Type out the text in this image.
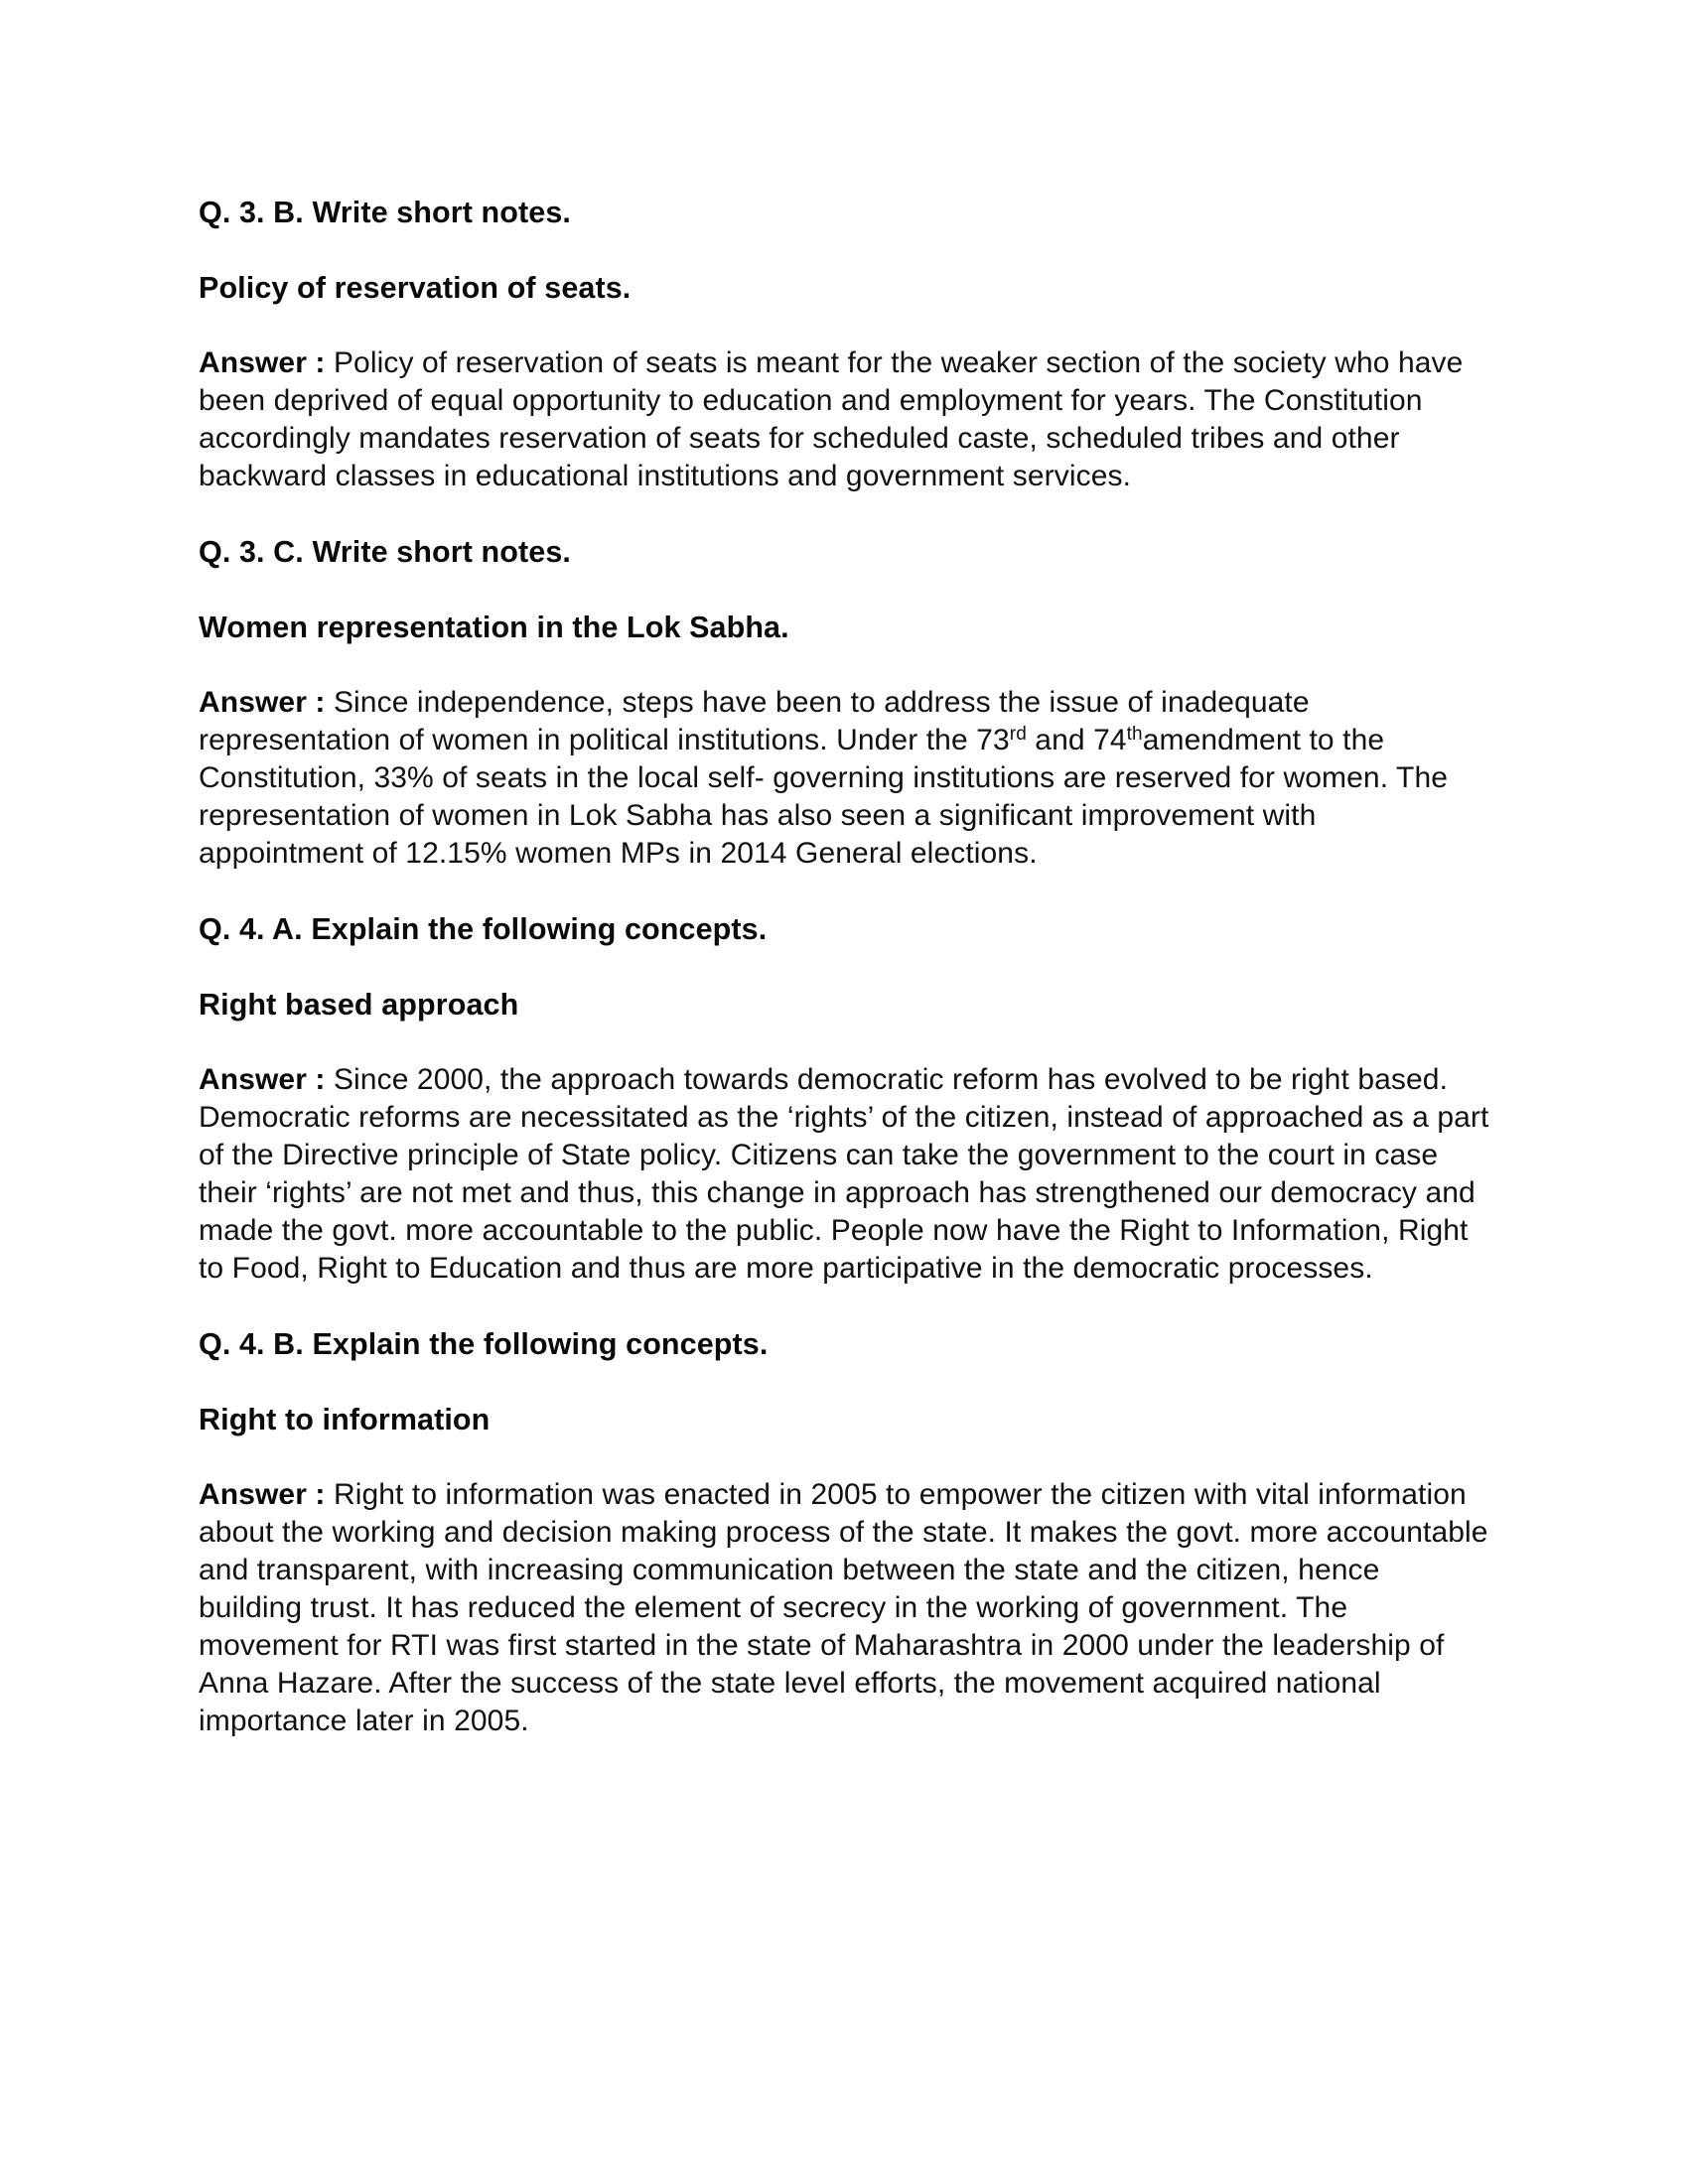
Q. 3. B. Write short notes.
Policy of reservation of seats.

Answer : Policy of reservation of seats is meant for the weaker section of the society who have been deprived of equal opportunity to education and employment for years. The Constitution accordingly mandates reservation of seats for scheduled caste, scheduled tribes and other backward classes in educational institutions and government services.

Q. 3. C. Write short notes.
Women representation in the Lok Sabha.

Answer : Since independence, steps have been to address the issue of inadequate representation of women in political institutions. Under the 73rd and 74thamendment to the Constitution, 33% of seats in the local self- governing institutions are reserved for women. The representation of women in Lok Sabha has also seen a significant improvement with appointment of 12.15% women MPs in 2014 General elections.

Q. 4. A. Explain the following concepts.
Right based approach

Answer : Since 2000, the approach towards democratic reform has evolved to be right based. Democratic reforms are necessitated as the ‘rights’ of the citizen, instead of approached as a part of the Directive principle of State policy. Citizens can take the government to the court in case their ‘rights’ are not met and thus, this change in approach has strengthened our democracy and made the govt. more accountable to the public. People now have the Right to Information, Right to Food, Right to Education and thus are more participative in the democratic processes.

Q. 4. B. Explain the following concepts.
Right to information

Answer : Right to information was enacted in 2005 to empower the citizen with vital information about the working and decision making process of the state. It makes the govt. more accountable and transparent, with increasing communication between the state and the citizen, hence building trust. It has reduced the element of secrecy in the working of government. The movement for RTI was first started in the state of Maharashtra in 2000 under the leadership of Anna Hazare. After the success of the state level efforts, the movement acquired national importance later in 2005.
